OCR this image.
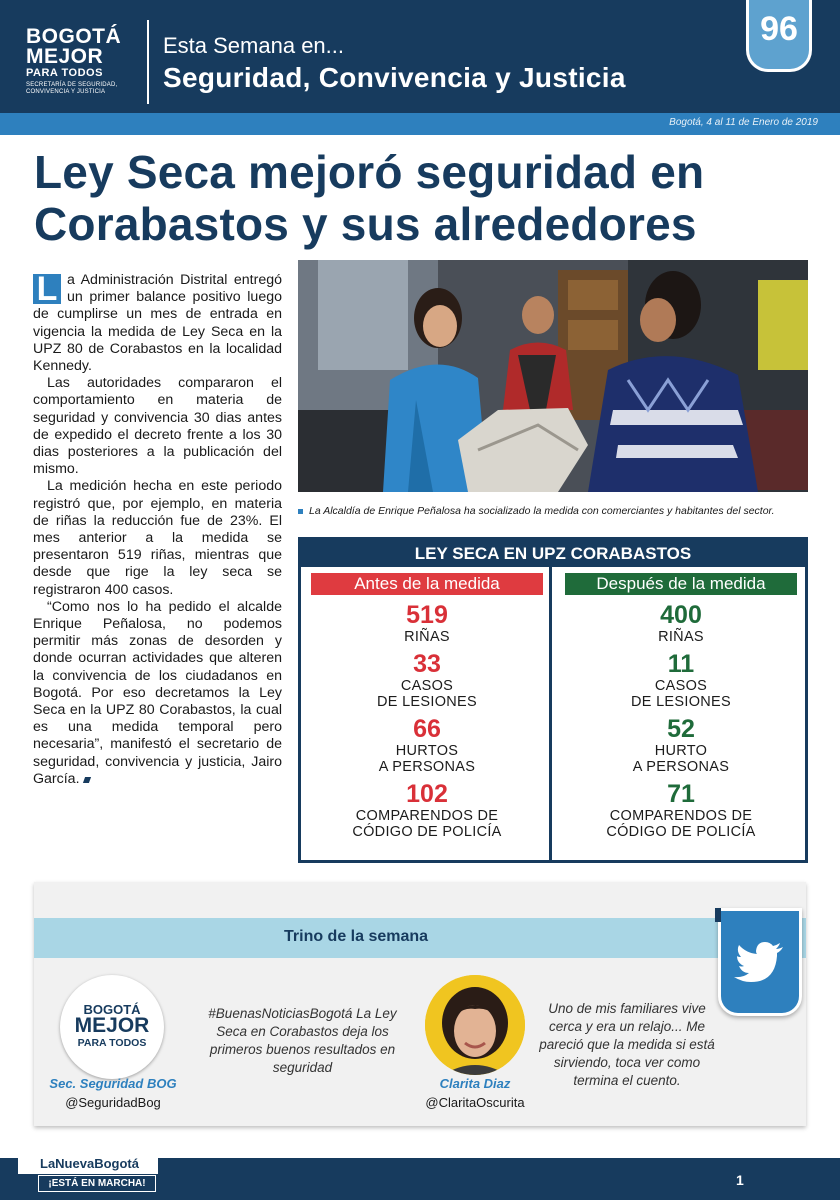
BOGOTÁ
MEJOR
PARA TODOS
SECRETARÍA DE SEGURIDAD, CONVIVENCIA Y JUSTICIA
Esta Semana en...
Seguridad, Convivencia y Justicia
96
Bogotá, 4 al 11 de Enero de 2019
Ley Seca mejoró seguridad en
Corabastos y sus alrededores

L a Administración Distrital entregó un primer balance positivo luego de cumplirse un mes de entrada en vigencia la medida de Ley Seca en la UPZ 80 de Corabastos en la localidad Kennedy.

Las autoridades compararon el comportamiento en materia de seguridad y convivencia 30 dias antes de expedido el decreto frente a los 30 dias posteriores a la publicación del mismo.

La medición hecha en este periodo registró que, por ejemplo, en materia de riñas la reducción fue de 23%. El mes anterior a la medida se presentaron 519 riñas, mientras que desde que rige la ley seca se registraron 400 casos.

“Como nos lo ha pedido el alcalde Enrique Peñalosa, no podemos permitir más zonas de desorden y donde ocurran actividades que alteren la convivencia de los ciudadanos en Bogotá. Por eso decretamos la Ley Seca en la UPZ 80 Corabastos, la cual es una medida temporal pero necesaria”, manifestó el secretario de seguridad, convivencia y justicia, Jairo García.

La Alcaldía de Enrique Peñalosa ha socializado la medida con comerciantes y habitantes del sector.
LEY SECA EN UPZ CORABASTOS
Antes de la medida
519
RIÑAS
33
CASOS
DE LESIONES
66
HURTOS
A PERSONAS
102
COMPARENDOS DE
CÓDIGO DE POLICÍA
Después de la medida
400
RIÑAS
11
CASOS
DE LESIONES
52
HURTO
A PERSONAS
71
COMPARENDOS DE
CÓDIGO DE POLICÍA
Trino de la semana
BOGOTÁ
MEJOR
PARA TODOS
Sec. Seguridad BOG
@SeguridadBog
#BuenasNoticiasBogotá La Ley Seca en Corabastos deja los primeros buenos resultados en seguridad
Clarita Diaz
@ClaritaOscurita
Uno de mis familiares vive cerca y era un relajo... Me pareció que la medida si está sirviendo, toca ver como termina el cuento.
LaNuevaBogotá
¡ESTÁ EN MARCHA!	1
